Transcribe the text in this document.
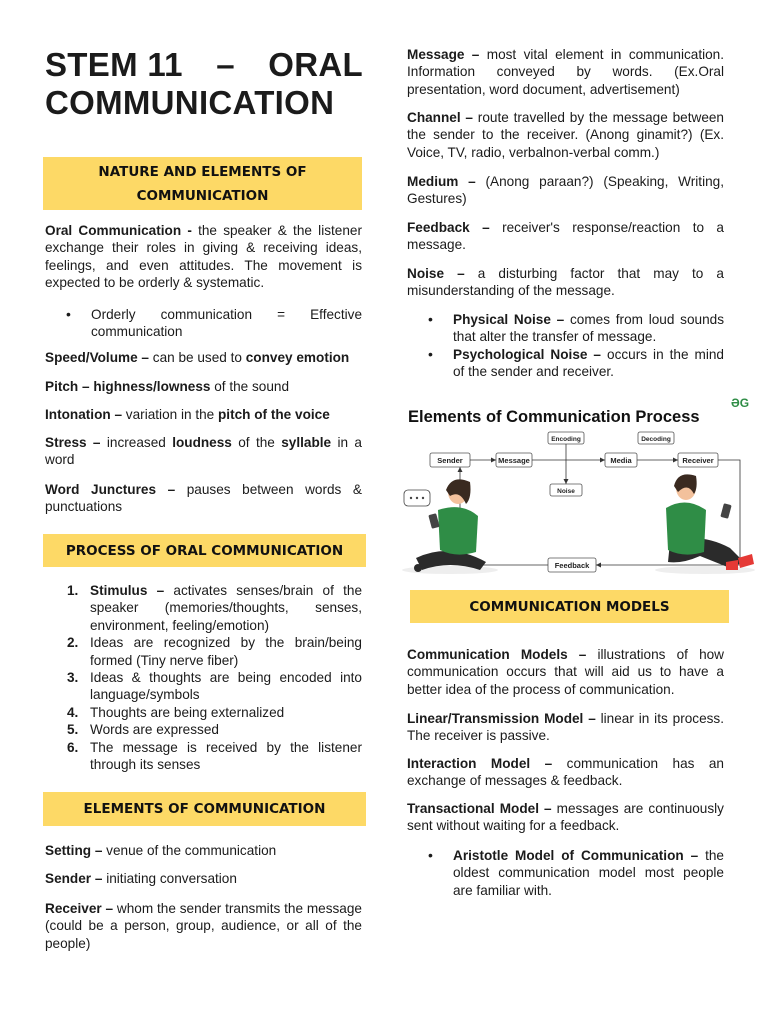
STEM 11 – ORAL
COMMUNICATION
NATURE AND ELEMENTS OF COMMUNICATION

Oral Communication - the speaker & the listener exchange their roles in giving & receiving ideas, feelings, and even attitudes. The movement is expected to be orderly & systematic.

• Orderly communication = Effective communication

Speed/Volume – can be used to convey emotion

Pitch – highness/lowness of the sound

Intonation – variation in the pitch of the voice

Stress – increased loudness of the syllable in a word

Word Junctures – pauses between words & punctuations

PROCESS OF ORAL COMMUNICATION
1. Stimulus – activates senses/brain of the speaker (memories/thoughts, senses, environment, feeling/emotion)
2. Ideas are recognized by the brain/being formed (Tiny nerve fiber)
3. Ideas & thoughts are being encoded into language/symbols
4. Thoughts are being externalized
5. Words are expressed
6. The message is received by the listener through its senses
ELEMENTS OF COMMUNICATION

Setting – venue of the communication

Sender – initiating conversation

Receiver – whom the sender transmits the message (could be a person, group, audience, or all of the people)

Message – most vital element in communication. Information conveyed by words. (Ex.Oral presentation, word document, advertisement)

Channel – route travelled by the message between the sender to the receiver. (Anong ginamit?) (Ex. Voice, TV, radio, verbalnon-verbal comm.)

Medium – (Anong paraan?) (Speaking, Writing, Gestures)

Feedback – receiver's response/reaction to a message.

Noise – a disturbing factor that may to a misunderstanding of the message.

• Physical Noise – comes from loud sounds that alter the transfer of message.
• Psychological Noise – occurs in the mind of the sender and receiver.
Elements of Communication Process
ƏG
Sender	Message
Encoding
Noise
Media
Decoding
Receiver
Feedback
COMMUNICATION MODELS

Communication Models – illustrations of how communication occurs that will aid us to have a better idea of the process of communication.

Linear/Transmission Model – linear in its process. The receiver is passive.

Interaction Model – communication has an exchange of messages & feedback.

Transactional Model – messages are continuously sent without waiting for a feedback.

• Aristotle Model of Communication – the oldest communication model most people are familiar with.
